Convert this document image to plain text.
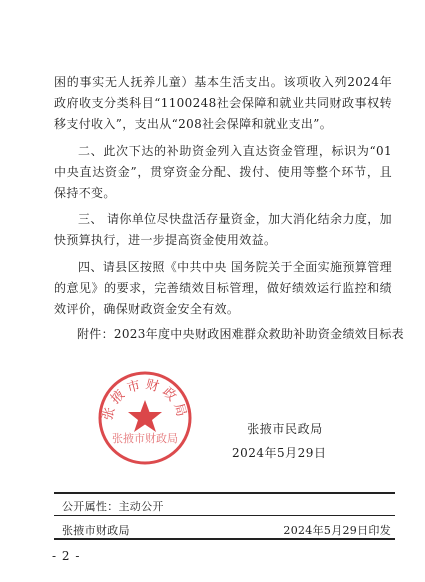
困的事实无人抚养儿童）基本生活支出。该项收入列2024年政府收支分类科目“1100248社会保障和就业共同财政事权转移支付收入”，支出从“208社会保障和就业支出”。

二、此次下达的补助资金列入直达资金管理，标识为“01中央直达资金”，贯穿资金分配、拨付、使用等整个环节，且保持不变。

三、 请你单位尽快盘活存量资金，加大消化结余力度，加快预算执行，进一步提高资金使用效益。

四、请县区按照《中共中央 国务院关于全面实施预算管理的意见》的要求，完善绩效目标管理，做好绩效运行监控和绩效评价，确保财政资金安全有效。

附件：2023年度中央财政困难群众救助补助资金绩效目标表
张掖市财政局
张掖市财政局
张掖市民政局
2024年5月29日
公开属性：主动公开
张掖市财政局	2024年5月29日印发
- 2 -
